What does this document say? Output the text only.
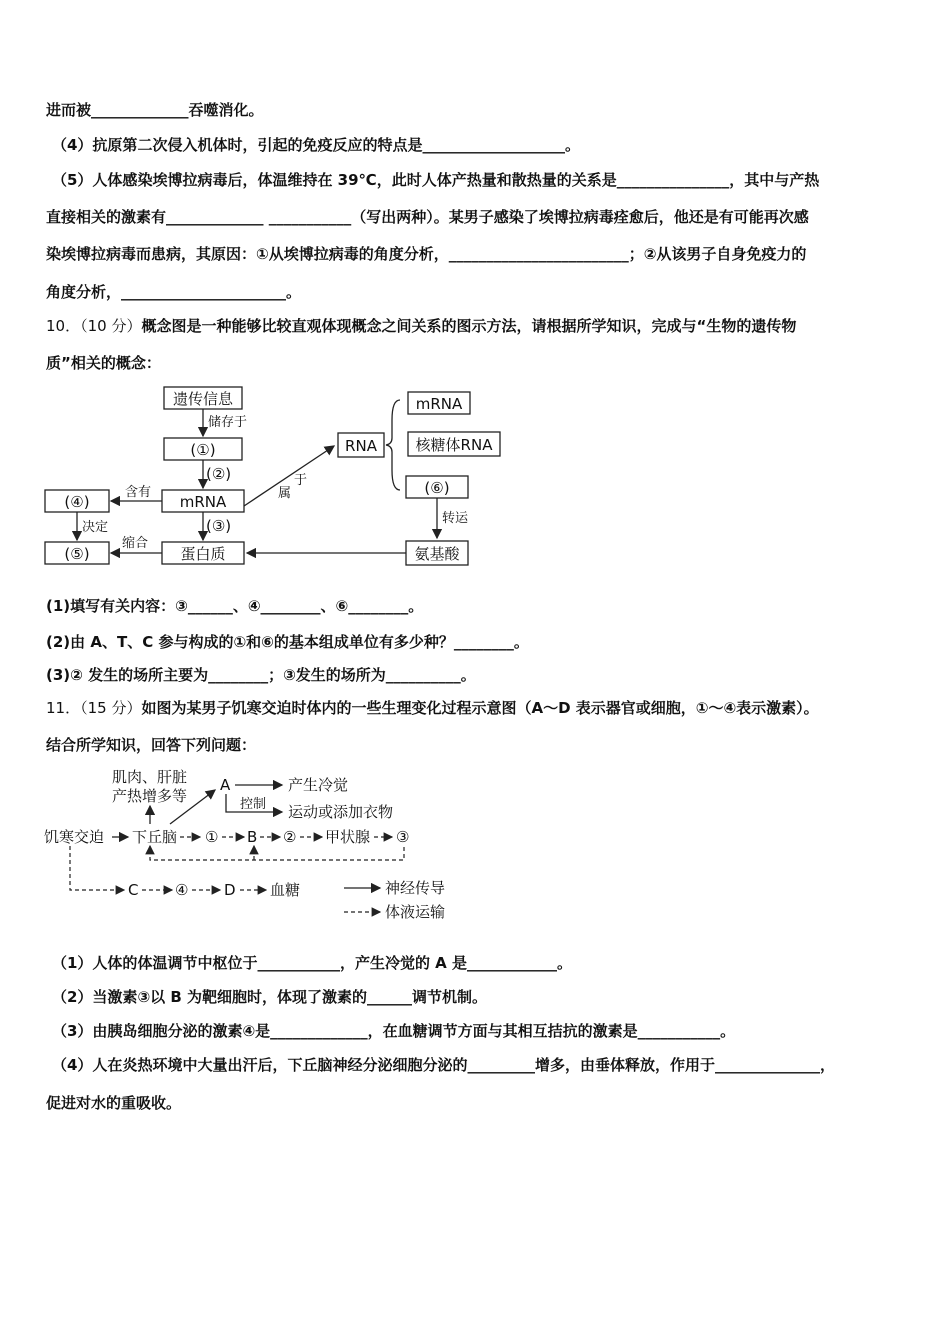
进而被_____________吞噬消化。
（4）抗原第二次侵入机体时，引起的免疫反应的特点是___________________。
（5）人体感染埃博拉病毒后，体温维持在 39℃，此时人体产热量和散热量的关系是_______________，其中与产热
直接相关的激素有_____________ ___________（写出两种）。某男子感染了埃博拉病毒痊愈后，他还是有可能再次感
染埃博拉病毒而患病，其原因：①从埃博拉病毒的角度分析，________________________；②从该男子自身免疫力的
角度分析，______________________。
10．（10 分）概念图是一种能够比较直观体现概念之间关系的图示方法，请根据所学知识，完成与“生物的遗传物
质”相关的概念：
遗传信息
储存于
(①)
(②)
mRNA
(④)
含有
决定	(③)
(⑤)	蛋白质
缩合
属
于
RNA
mRNA
核糖体RNA
(⑥)
转运
氨基酸
(1)填写有关内容：③______、④________、⑥________。
(2)由 A、T、C 参与构成的①和⑥的基本组成单位有多少种？________。
(3)② 发生的场所主要为________；③发生的场所为__________。
11．（15 分）如图为某男子饥寒交迫时体内的一些生理变化过程示意图（A～D 表示器官或细胞，①～④表示激素）。
结合所学知识，回答下列问题：
肌肉、肝脏
产热增多等
A	产生冷觉
控制 运动或添加衣物
饥寒交迫 下丘脑 ① B ② 甲状腺 ③
C ④ D 血糖	神经传导
体液运输
（1）人体的体温调节中枢位于___________，产生冷觉的 A 是____________。
（2）当激素③以 B 为靶细胞时，体现了激素的______调节机制。
（3）由胰岛细胞分泌的激素④是_____________，在血糖调节方面与其相互拮抗的激素是___________。
（4）人在炎热环境中大量出汗后，下丘脑神经分泌细胞分泌的_________增多，由垂体释放，作用于______________，
促进对水的重吸收。
